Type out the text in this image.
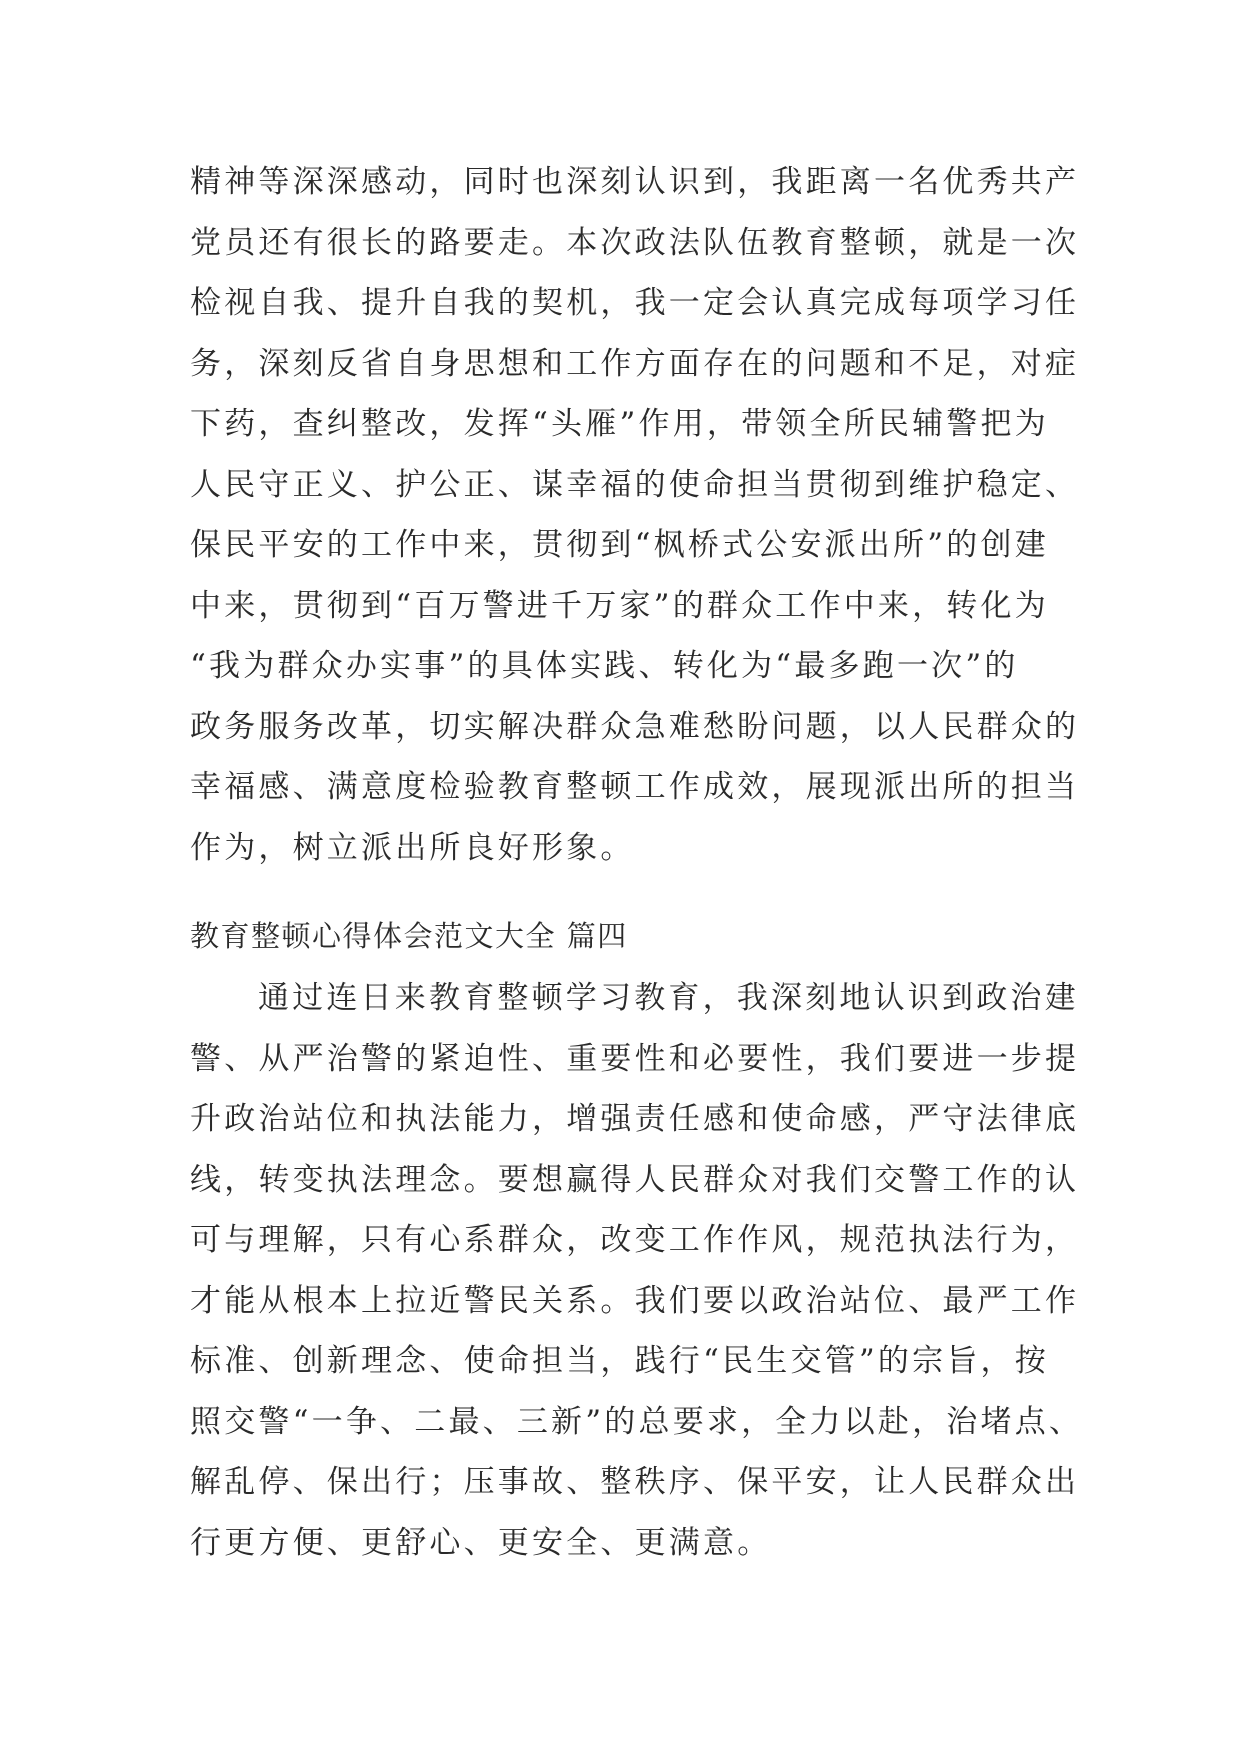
精神等深深感动，同时也深刻认识到，我距离一名优秀共产
党员还有很长的路要走。本次政法队伍教育整顿，就是一次
检视自我、提升自我的契机，我一定会认真完成每项学习任
务，深刻反省自身思想和工作方面存在的问题和不足，对症
下药，查纠整改，发挥“头雁”作用，带领全所民辅警把为
人民守正义、护公正、谋幸福的使命担当贯彻到维护稳定、
保民平安的工作中来，贯彻到“枫桥式公安派出所”的创建
中来，贯彻到“百万警进千万家”的群众工作中来，转化为
“我为群众办实事”的具体实践、转化为“最多跑一次”的
政务服务改革，切实解决群众急难愁盼问题，以人民群众的
幸福感、满意度检验教育整顿工作成效，展现派出所的担当
作为，树立派出所良好形象。
教育整顿心得体会范文大全 篇四
通过连日来教育整顿学习教育，我深刻地认识到政治建
警、从严治警的紧迫性、重要性和必要性，我们要进一步提
升政治站位和执法能力，增强责任感和使命感，严守法律底
线，转变执法理念。要想赢得人民群众对我们交警工作的认
可与理解，只有心系群众，改变工作作风，规范执法行为，
才能从根本上拉近警民关系。我们要以政治站位、最严工作
标准、创新理念、使命担当，践行“民生交管”的宗旨，按
照交警“一争、二最、三新”的总要求，全力以赴，治堵点、
解乱停、保出行；压事故、整秩序、保平安，让人民群众出
行更方便、更舒心、更安全、更满意。
